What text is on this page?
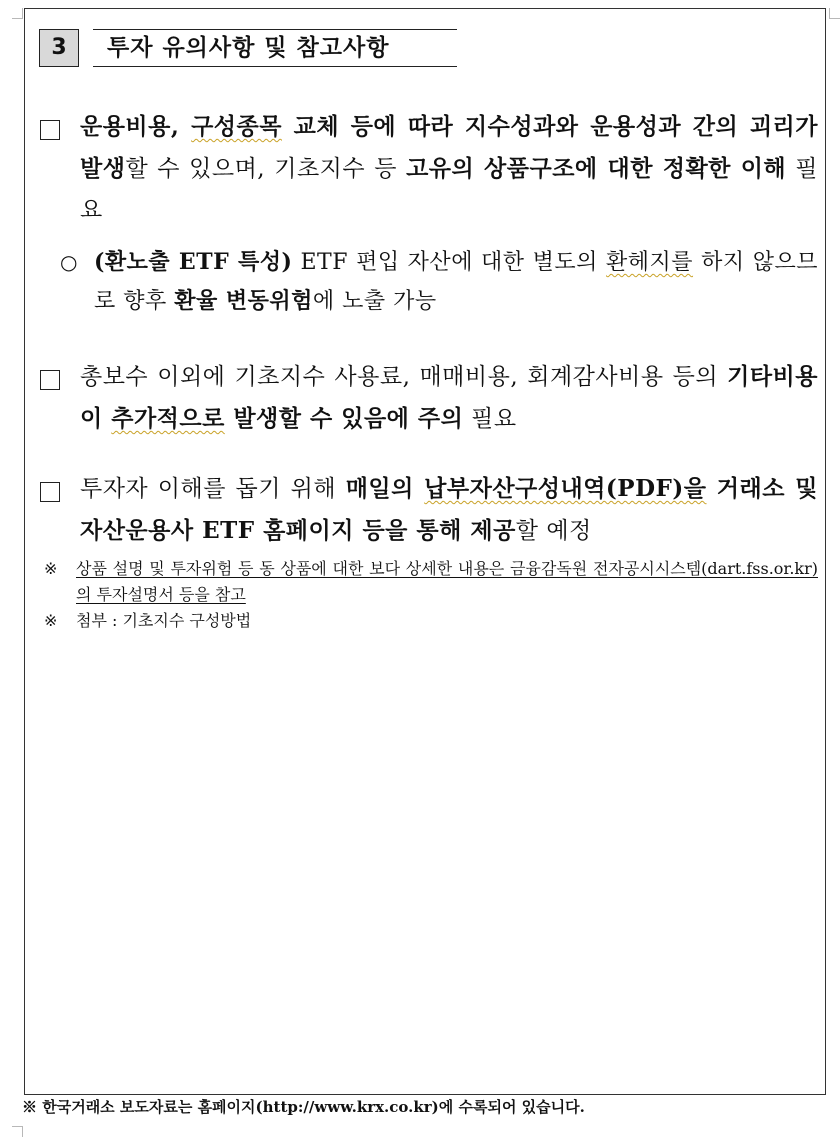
3	투자 유의사항 및 참고사항
운용비용, 구성종목 교체 등에 따라 지수성과와 운용성과 간의 괴리가 발생할 수 있으며, 기초지수 등 고유의 상품구조에 대한 정확한 이해 필요
○ (환노출 ETF 특성) ETF 편입 자산에 대한 별도의 환헤지를 하지 않으므로 향후 환율 변동위험에 노출 가능
총보수 이외에 기초지수 사용료, 매매비용, 회계감사비용 등의 기타비용이 추가적으로 발생할 수 있음에 주의 필요
투자자 이해를 돕기 위해 매일의 납부자산구성내역(PDF)을 거래소 및 자산운용사 ETF 홈페이지 등을 통해 제공할 예정
※ 상품 설명 및 투자위험 등 동 상품에 대한 보다 상세한 내용은 금융감독원 전자공시시스템(dart.fss.or.kr)의 투자설명서 등을 참고
※ 첨부 : 기초지수 구성방법
※ 한국거래소 보도자료는 홈페이지(http://www.krx.co.kr)에 수록되어 있습니다.
